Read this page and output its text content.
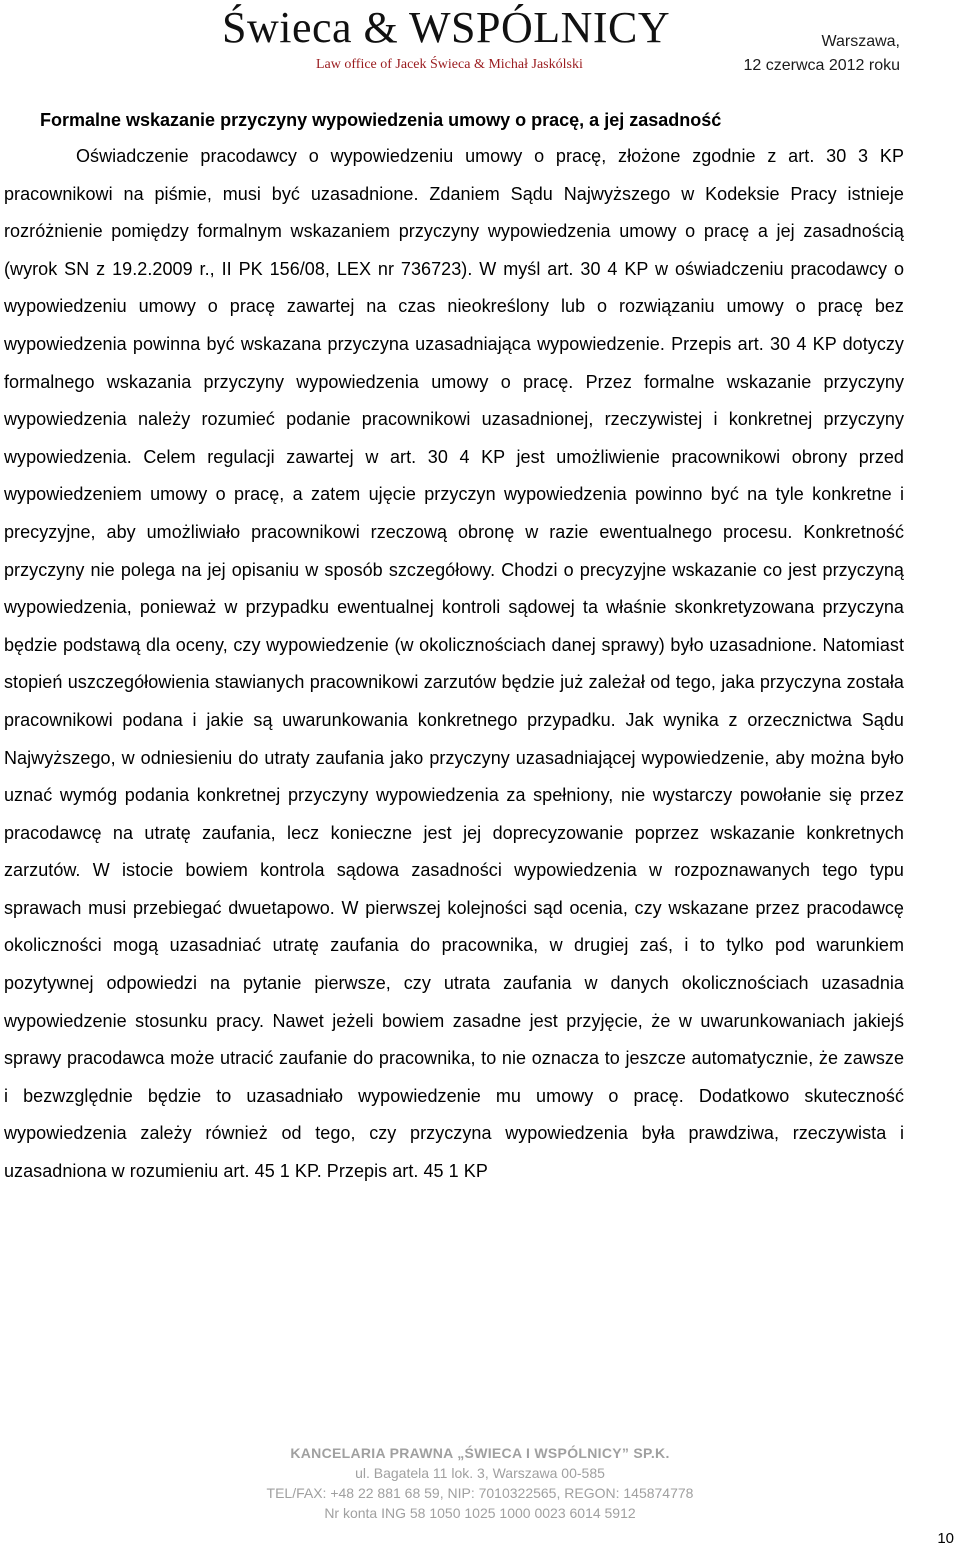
Świeca & WSPÓLNICY
Law office of Jacek Świeca & Michał Jaskólski
Warszawa,
12 czerwca 2012 roku
Formalne wskazanie przyczyny wypowiedzenia umowy o pracę, a jej zasadność

Oświadczenie pracodawcy o wypowiedzeniu umowy o pracę, złożone zgodnie z art. 30 3 KP pracownikowi na piśmie, musi być uzasadnione. Zdaniem Sądu Najwyższego w Kodeksie Pracy istnieje rozróżnienie pomiędzy formalnym wskazaniem przyczyny wypowiedzenia umowy o pracę a jej zasadnością (wyrok SN z 19.2.2009 r., II PK 156/08, LEX nr 736723). W myśl art. 30 4 KP w oświadczeniu pracodawcy o wypowiedzeniu umowy o pracę zawartej na czas nieokreślony lub o rozwiązaniu umowy o pracę bez wypowiedzenia powinna być wskazana przyczyna uzasadniająca wypowiedzenie. Przepis art. 30 4 KP dotyczy formalnego wskazania przyczyny wypowiedzenia umowy o pracę. Przez formalne wskazanie przyczyny wypowiedzenia należy rozumieć podanie pracownikowi uzasadnionej, rzeczywistej i konkretnej przyczyny wypowiedzenia. Celem regulacji zawartej w art. 30 4 KP jest umożliwienie pracownikowi obrony przed wypowiedzeniem umowy o pracę, a zatem ujęcie przyczyn wypowiedzenia powinno być na tyle konkretne i precyzyjne, aby umożliwiało pracownikowi rzeczową obronę w razie ewentualnego procesu. Konkretność przyczyny nie polega na jej opisaniu w sposób szczegółowy. Chodzi o precyzyjne wskazanie co jest przyczyną wypowiedzenia, ponieważ w przypadku ewentualnej kontroli sądowej ta właśnie skonkretyzowana przyczyna będzie podstawą dla oceny, czy wypowiedzenie (w okolicznościach danej sprawy) było uzasadnione. Natomiast stopień uszczegółowienia stawianych pracownikowi zarzutów będzie już zależał od tego, jaka przyczyna została pracownikowi podana i jakie są uwarunkowania konkretnego przypadku. Jak wynika z orzecznictwa Sądu Najwyższego, w odniesieniu do utraty zaufania jako przyczyny uzasadniającej wypowiedzenie, aby można było uznać wymóg podania konkretnej przyczyny wypowiedzenia za spełniony, nie wystarczy powołanie się przez pracodawcę na utratę zaufania, lecz konieczne jest jej doprecyzowanie poprzez wskazanie konkretnych zarzutów. W istocie bowiem kontrola sądowa zasadności wypowiedzenia w rozpoznawanych tego typu sprawach musi przebiegać dwuetapowo. W pierwszej kolejności sąd ocenia, czy wskazane przez pracodawcę okoliczności mogą uzasadniać utratę zaufania do pracownika, w drugiej zaś, i to tylko pod warunkiem pozytywnej odpowiedzi na pytanie pierwsze, czy utrata zaufania w danych okolicznościach uzasadnia wypowiedzenie stosunku pracy. Nawet jeżeli bowiem zasadne jest przyjęcie, że w uwarunkowaniach jakiejś sprawy pracodawca może utracić zaufanie do pracownika, to nie oznacza to jeszcze automatycznie, że zawsze i bezwzględnie będzie to uzasadniało wypowiedzenie mu umowy o pracę. Dodatkowo skuteczność wypowiedzenia zależy również od tego, czy przyczyna wypowiedzenia była prawdziwa, rzeczywista i uzasadniona w rozumieniu art. 45 1 KP. Przepis art. 45 1 KP

KANCELARIA PRAWNA „ŚWIECA I WSPÓLNICY” SP.K.
ul. Bagatela 11 lok. 3, Warszawa 00-585
TEL/FAX: +48 22 881 68 59, NIP: 7010322565, REGON: 145874778
Nr konta ING 58 1050 1025 1000 0023 6014 5912
10
